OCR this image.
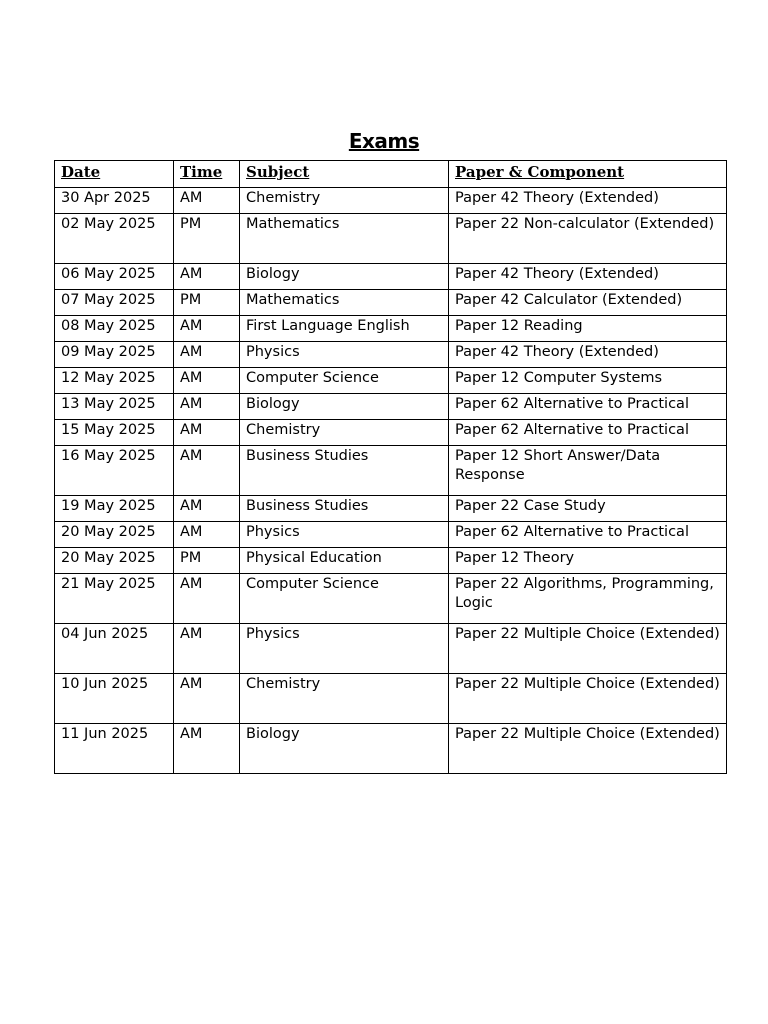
Exams
Date	Time	Subject	Paper & Component
30 Apr 2025	AM	Chemistry	Paper 42 Theory (Extended)
02 May 2025	PM	Mathematics	Paper 22 Non-calculator (Extended)
06 May 2025	AM	Biology	Paper 42 Theory (Extended)
07 May 2025	PM	Mathematics	Paper 42 Calculator (Extended)
08 May 2025	AM	First Language English	Paper 12 Reading
09 May 2025	AM	Physics	Paper 42 Theory (Extended)
12 May 2025	AM	Computer Science	Paper 12 Computer Systems
13 May 2025	AM	Biology	Paper 62 Alternative to Practical
15 May 2025	AM	Chemistry	Paper 62 Alternative to Practical
16 May 2025	AM	Business Studies	Paper 12 Short Answer/Data Response
19 May 2025	AM	Business Studies	Paper 22 Case Study
20 May 2025	AM	Physics	Paper 62 Alternative to Practical
20 May 2025	PM	Physical Education	Paper 12 Theory
21 May 2025	AM	Computer Science	Paper 22 Algorithms, Programming, Logic
04 Jun 2025	AM	Physics	Paper 22 Multiple Choice (Extended)
10 Jun 2025	AM	Chemistry	Paper 22 Multiple Choice (Extended)
11 Jun 2025	AM	Biology	Paper 22 Multiple Choice (Extended)
